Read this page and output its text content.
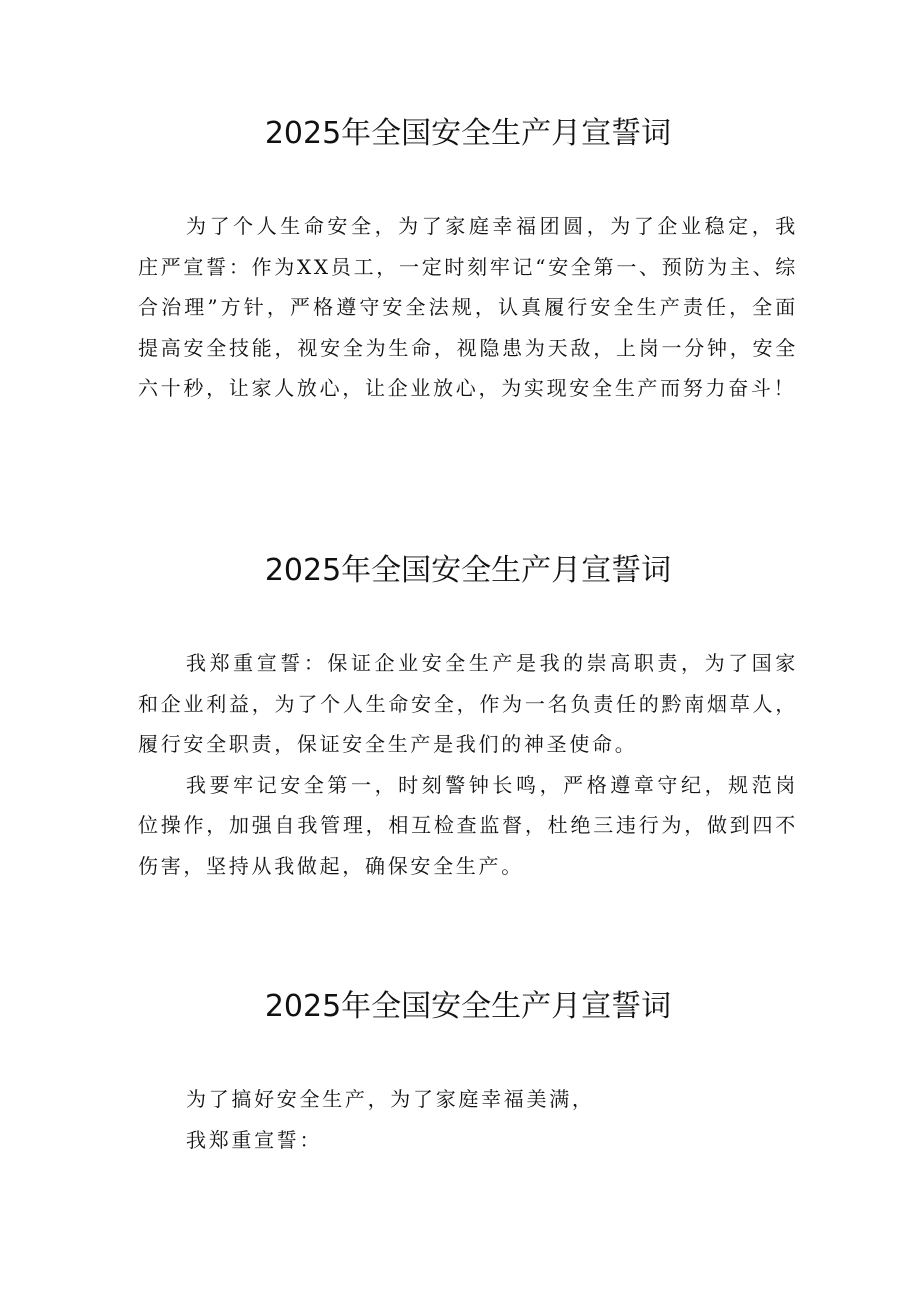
2025年全国安全生产月宣誓词

为了个人生命安全，为了家庭幸福团圆，为了企业稳定，我庄严宣誓：作为XX员工，一定时刻牢记“安全第一、预防为主、综合治理”方针，严格遵守安全法规，认真履行安全生产责任，全面提高安全技能，视安全为生命，视隐患为天敌，上岗一分钟，安全六十秒，让家人放心，让企业放心，为实现安全生产而努力奋斗！

2025年全国安全生产月宣誓词

我郑重宣誓：保证企业安全生产是我的崇高职责，为了国家和企业利益，为了个人生命安全，作为一名负责任的黔南烟草人，履行安全职责，保证安全生产是我们的神圣使命。

我要牢记安全第一，时刻警钟长鸣，严格遵章守纪，规范岗位操作，加强自我管理，相互检查监督，杜绝三违行为，做到四不伤害，坚持从我做起，确保安全生产。

2025年全国安全生产月宣誓词

为了搞好安全生产，为了家庭幸福美满，

我郑重宣誓：
